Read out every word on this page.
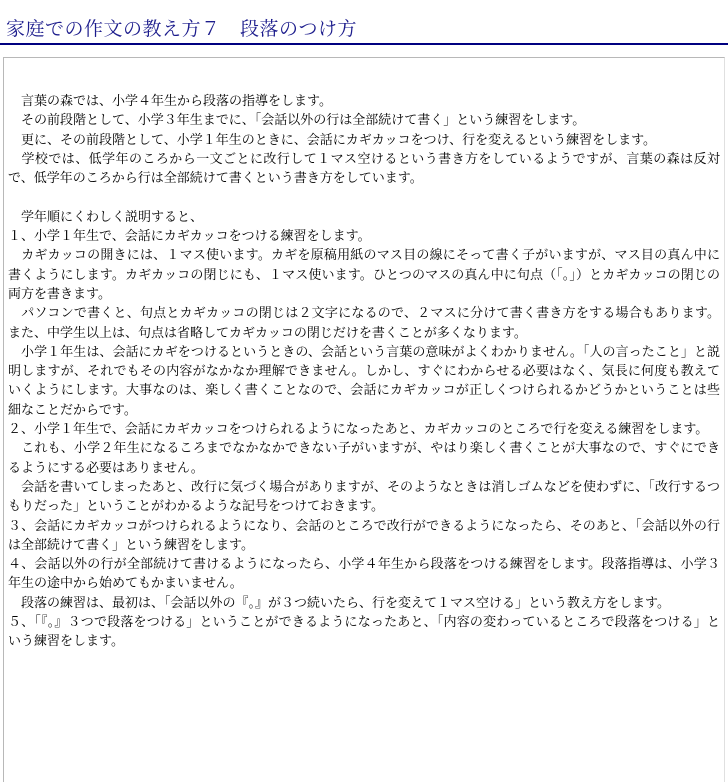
家庭での作文の教え方７　段落のつけ方

　言葉の森では、小学４年生から段落の指導をします。

　その前段階として、小学３年生までに、「会話以外の行は全部続けて書く」という練習をします。

　更に、その前段階として、小学１年生のときに、会話にカギカッコをつけ、行を変えるという練習をします。

　学校では、低学年のころから一文ごとに改行して１マス空けるという書き方をしているようですが、言葉の森は反対で、低学年のころから行は全部続けて書くという書き方をしています。

　学年順にくわしく説明すると、

１、小学１年生で、会話にカギカッコをつける練習をします。

　カギカッコの開きには、１マス使います。カギを原稿用紙のマス目の線にそって書く子がいますが、マス目の真ん中に書くようにします。カギカッコの閉じにも、１マス使います。ひとつのマスの真ん中に句点（「。」）とカギカッコの閉じの両方を書きます。

　パソコンで書くと、句点とカギカッコの閉じは２文字になるので、２マスに分けて書く書き方をする場合もあります。また、中学生以上は、句点は省略してカギカッコの閉じだけを書くことが多くなります。

　小学１年生は、会話にカギをつけるというときの、会話という言葉の意味がよくわかりません。「人の言ったこと」と説明しますが、それでもその内容がなかなか理解できません。しかし、すぐにわからせる必要はなく、気長に何度も教えていくようにします。大事なのは、楽しく書くことなので、会話にカギカッコが正しくつけられるかどうかということは些細なことだからです。

２、小学１年生で、会話にカギカッコをつけられるようになったあと、カギカッコのところで行を変える練習をします。

　これも、小学２年生になるころまでなかなかできない子がいますが、やはり楽しく書くことが大事なので、すぐにできるようにする必要はありません。

　会話を書いてしまったあと、改行に気づく場合がありますが、そのようなときは消しゴムなどを使わずに、「改行するつもりだった」ということがわかるような記号をつけておきます。

３、会話にカギカッコがつけられるようになり、会話のところで改行ができるようになったら、そのあと、「会話以外の行は全部続けて書く」という練習をします。

４、会話以外の行が全部続けて書けるようになったら、小学４年生から段落をつける練習をします。段落指導は、小学３年生の途中から始めてもかまいません。

　段落の練習は、最初は、「会話以外の『。』が３つ続いたら、行を変えて１マス空ける」という教え方をします。

５、「『。』３つで段落をつける」ということができるようになったあと、「内容の変わっているところで段落をつける」という練習をします。
